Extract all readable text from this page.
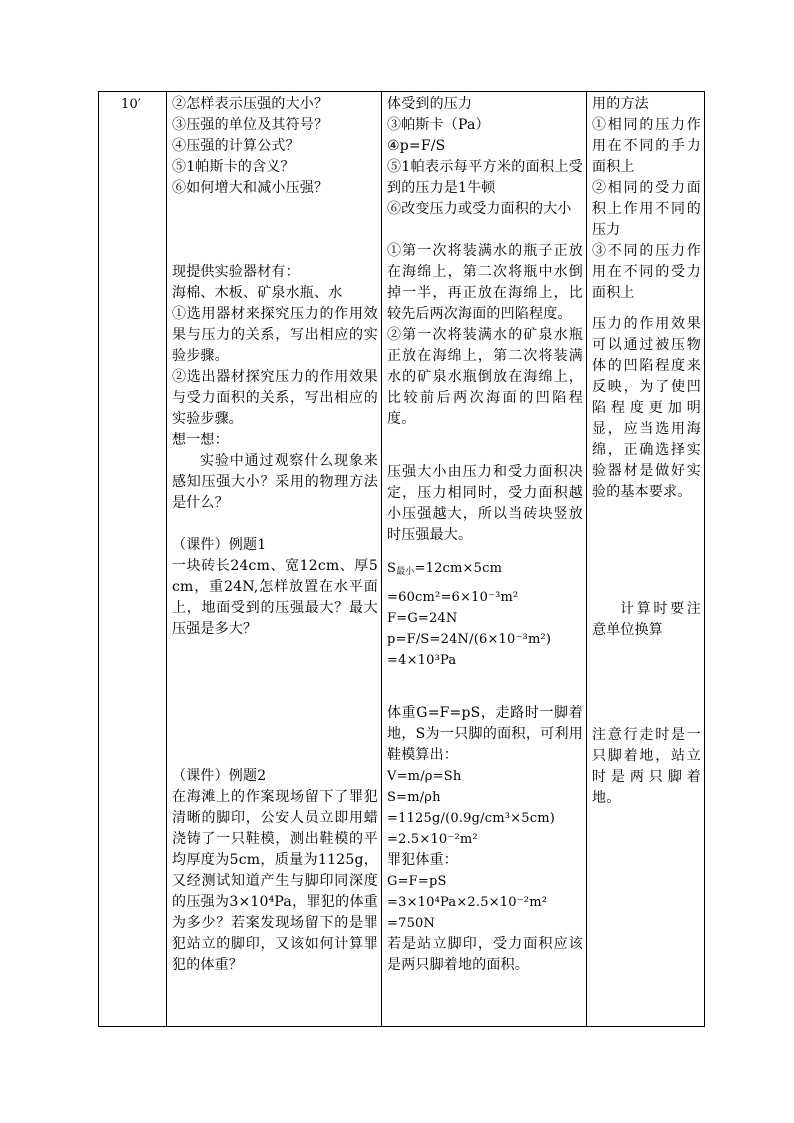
10′	②怎样表示压强的大小？

③压强的单位及其符号？

④压强的计算公式？

⑤1帕斯卡的含义？

⑥如何增大和减小压强？

现提供实验器材有：

海棉、木板、矿泉水瓶、水

①选用器材来探究压力的作用效果与压力的关系，写出相应的实验步骤。

②选出器材探究压力的作用效果与受力面积的关系，写出相应的实验步骤。

想一想：

实验中通过观察什么现象来感知压强大小？采用的物理方法是什么？

（课件）例题1

一块砖长24cm、宽12cm、厚5cm，重24N,怎样放置在水平面上，地面受到的压强最大？最大压强是多大？

（课件）例题2

在海滩上的作案现场留下了罪犯清晰的脚印，公安人员立即用蜡浇铸了一只鞋模，测出鞋模的平均厚度为5cm，质量为1125g，又经测试知道产生与脚印同深度的压强为3×10⁴Pa，罪犯的体重为多少？若案发现场留下的是罪犯站立的脚印，又该如何计算罪犯的体重？

体受到的压力

③帕斯卡（Pa）

④p=F/S

⑤1帕表示每平方米的面积上受到的压力是1牛顿

⑥改变压力或受力面积的大小

①第一次将装满水的瓶子正放在海绵上，第二次将瓶中水倒掉一半，再正放在海绵上，比较先后两次海面的凹陷程度。

②第一次将装满水的矿泉水瓶正放在海绵上，第二次将装满水的矿泉水瓶倒放在海绵上，比较前后两次海面的凹陷程度。

压强大小由压力和受力面积决定，压力相同时，受力面积越小压强越大，所以当砖块竖放时压强最大。

$S_{最小}=12cm\times 5cm$

=60cm²=6×10⁻³m²

F=G=24N

p=F/S=24N/(6×10⁻³m²)

=4×10³Pa

体重G=F=pS，走路时一脚着地，S为一只脚的面积，可利用鞋模算出：

V=m/ρ=Sh

S=m/ρh

=1125g/(0.9g/cm³×5cm)

=2.5×10⁻²m²

罪犯体重：

G=F=pS

=3×10⁴Pa×2.5×10⁻²m²

=750N

若是站立脚印，受力面积应该是两只脚着地的面积。

用的方法

①相同的压力作用在不同的手力面积上

②相同的受力面积上作用不同的压力

③不同的压力作用在不同的受力面积上

压力的作用效果可以通过被压物体的凹陷程度来反映，为了使凹陷程度更加明显，应当选用海绵，正确选择实验器材是做好实验的基本要求。

计算时要注意单位换算

注意行走时是一只脚着地，站立时是两只脚着地。
